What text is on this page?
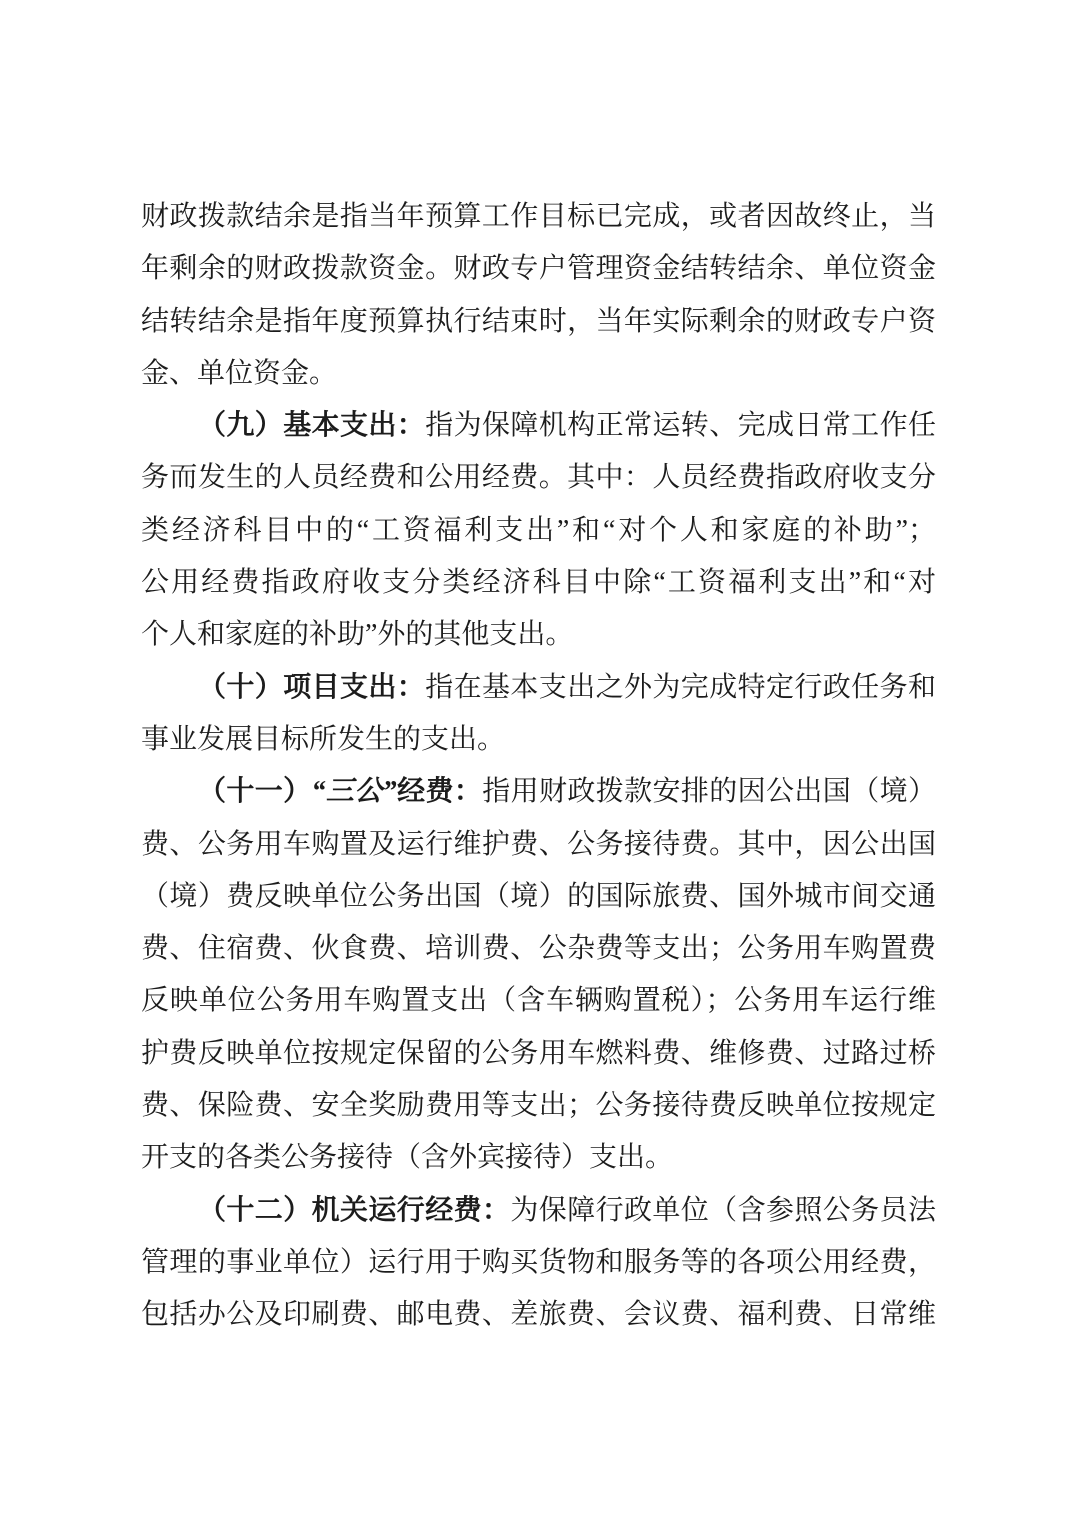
财政拨款结余是指当年预算工作目标已完成，或者因故终止，当
年剩余的财政拨款资金。财政专户管理资金结转结余、单位资金
结转结余是指年度预算执行结束时，当年实际剩余的财政专户资
金、单位资金。
（九）基本支出：指为保障机构正常运转、完成日常工作任
务而发生的人员经费和公用经费。其中：人员经费指政府收支分
类经济科目中的“工资福利支出”和“对个人和家庭的补助”；
公用经费指政府收支分类经济科目中除“工资福利支出”和“对
个人和家庭的补助”外的其他支出。
（十）项目支出：指在基本支出之外为完成特定行政任务和
事业发展目标所发生的支出。
（十一）“三公”经费：指用财政拨款安排的因公出国（境）
费、公务用车购置及运行维护费、公务接待费。其中，因公出国
（境）费反映单位公务出国（境）的国际旅费、国外城市间交通
费、住宿费、伙食费、培训费、公杂费等支出；公务用车购置费
反映单位公务用车购置支出（含车辆购置税）；公务用车运行维
护费反映单位按规定保留的公务用车燃料费、维修费、过路过桥
费、保险费、安全奖励费用等支出；公务接待费反映单位按规定
开支的各类公务接待（含外宾接待）支出。
（十二）机关运行经费：为保障行政单位（含参照公务员法
管理的事业单位）运行用于购买货物和服务等的各项公用经费，
包括办公及印刷费、邮电费、差旅费、会议费、福利费、日常维
